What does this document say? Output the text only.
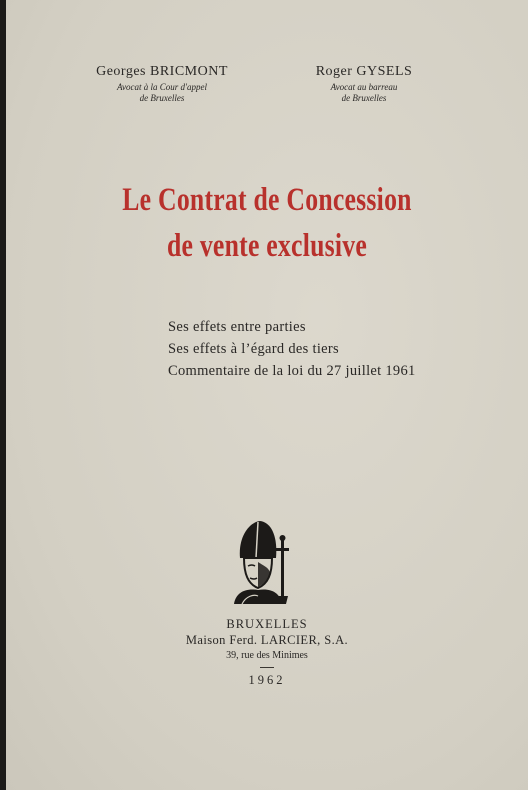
Georges BRICMONT
Avocat à la Cour d'appel
de Bruxelles
Roger GYSELS
Avocat au barreau
de Bruxelles
Le Contrat de Concession
de vente exclusive
Ses effets entre parties
Ses effets à l’égard des tiers
Commentaire de la loi du 27 juillet 1961
BRUXELLES
Maison Ferd. LARCIER, S.A.
39, rue des Minimes
1962
